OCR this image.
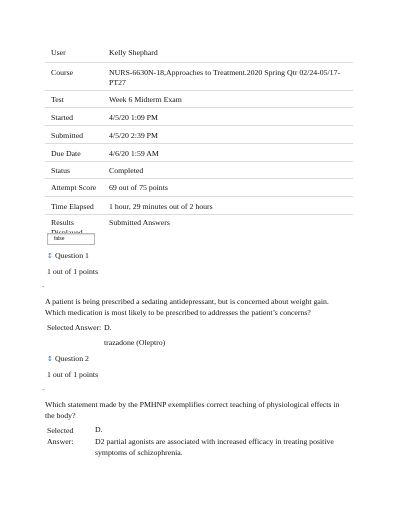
User	Kelly Shephard
Course	NURS-6630N-18,Approaches to Treatment.2020 Spring Qtr 02/24-05/17-PT27
Test	Week 6 Midterm Exam
Started	4/5/20 1:09 PM
Submitted	4/5/20 2:39 PM
Due Date	4/6/20 1:59 AM
Status	Completed
Attempt Score 69 out of 75 points
Time Elapsed 1 hour, 29 minutes out of 2 hours
Results	Submitted Answers
false
↕ Question 1
1 out of 1 points
-
A patient is being prescribed a sedating antidepressant, but is concerned about weight gain. Which medication is most likely to be prescribed to addresses the patient’s concerns?
Selected Answer: D.
trazadone (Oleptro)
↕ Question 2
1 out of 1 points
-
Which statement made by the PMHNP exemplifies correct teaching of physiological effects in the body?
Selected Answer:
D.
D2 partial agonists are associated with increased efficacy in treating positive symptoms of schizophrenia.
